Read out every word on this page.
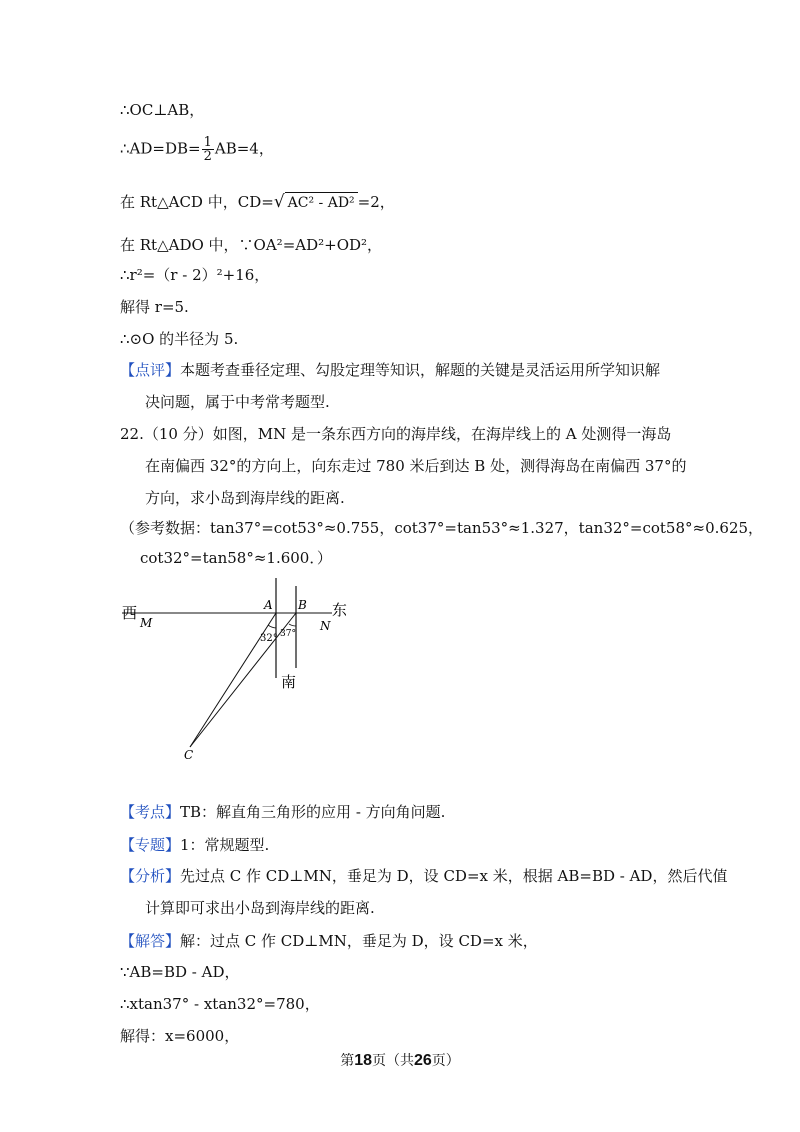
∴OC⊥AB，
∴AD=DB= $\frac{1}{2} AB=4$，
在 Rt△ACD 中，CD=√ AC² - AD² =2，
在 Rt△ADO 中，∵OA²=AD²+OD²，
∴r²=（r - 2）²+16，
解得 r=5.
∴⊙O 的半径为 5.
【点评】本题考查垂径定理、勾股定理等知识，解题的关键是灵活运用所学知识解
决问题，属于中考常考题型.
22.（10 分）如图，MN 是一条东西方向的海岸线，在海岸线上的 A 处测得一海岛
在南偏西 32°的方向上，向东走过 780 米后到达 B 处，测得海岛在南偏西 37°的
方向，求小岛到海岸线的距离.
（参考数据：tan37°=cot53°≈0.755，cot37°=tan53°≈1.327，tan32°=cot58°≈0.625，
cot32°=tan58°≈1.600．）
西
M
A B 东
N
32° 37°
南
C
【考点】TB：解直角三角形的应用 - 方向角问题.
【专题】1：常规题型.
【分析】先过点 C 作 CD⊥MN，垂足为 D，设 CD=x 米，根据 AB=BD - AD，然后代值
计算即可求出小岛到海岸线的距离.
【解答】解：过点 C 作 CD⊥MN，垂足为 D，设 CD=x 米，
∵AB=BD - AD，
∴xtan37° - xtan32°=780，
解得：x=6000，
第18页（共26页）
